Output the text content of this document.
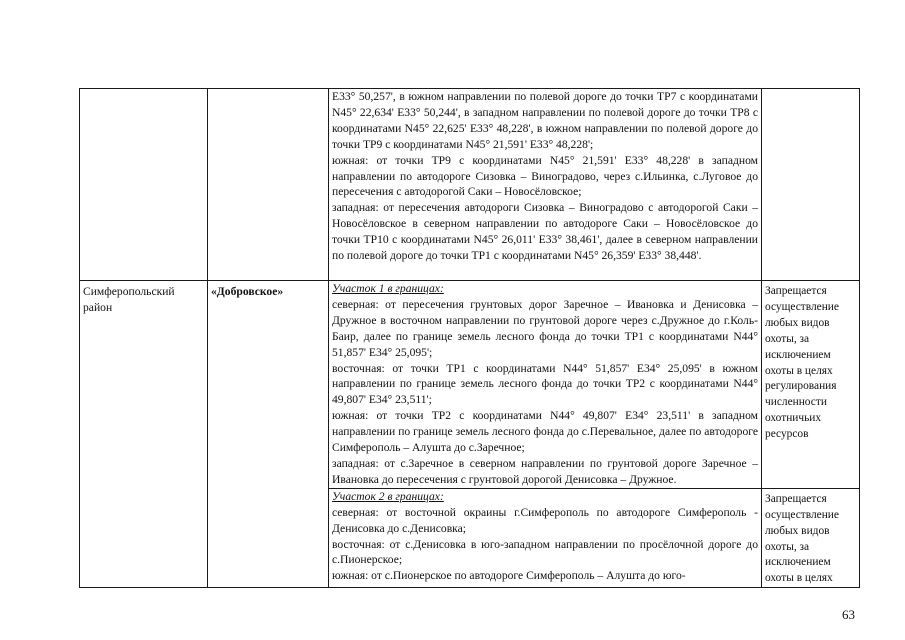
		E33° 50,257', в южном направлении по полевой дороге до точки ТР7 с координатами N45° 22,634' E33° 50,244', в западном направлении по полевой дороге до точки ТР8 с координатами N45° 22,625' E33° 48,228', в южном направлении по полевой дороге до точки ТР9 с координатами N45° 21,591' E33° 48,228';
южная: от точки ТР9 с координатами N45° 21,591' E33° 48,228' в западном направлении по автодороге Сизовка – Виноградово, через с.Ильинка, с.Луговое до пересечения с автодорогой Саки – Новосёловское;
западная: от пересечения автодороги Сизовка – Виноградово с автодорогой Саки – Новосёловское в северном направлении по автодороге Саки – Новосёловское до точки ТР10 с координатами N45° 26,011' E33° 38,461', далее в северном направлении по полевой дороге до точки ТР1 с координатами N45° 26,359' E33° 38,448'.	

Симферопольский район	«Добровское»	Участок 1 в границах:
северная: от пересечения грунтовых дорог Заречное – Ивановка и Денисовка – Дружное в восточном направлении по грунтовой дороге через с.Дружное до г.Коль-Баир, далее по границе земель лесного фонда до точки ТР1 с координатами N44° 51,857' E34° 25,095';
восточная: от точки ТР1 с координатами N44° 51,857' E34° 25,095' в южном направлении по границе земель лесного фонда до точки ТР2 с координатами N44° 49,807' E34° 23,511';
южная: от точки ТР2 с координатами N44° 49,807' E34° 23,511' в западном направлении по границе земель лесного фонда до с.Перевальное, далее по автодороге Симферополь – Алушта до с.Заречное;
западная: от с.Заречное в северном направлении по грунтовой дороге Заречное – Ивановка до пересечения с грунтовой дорогой Денисовка – Дружное.	Запрещается осуществление любых видов охоты, за исключением охоты в целях регулирования численности охотничьих ресурсов

		Участок 2 в границах:
северная: от восточной окраины г.Симферополь по автодороге Симферополь - Денисовка до с.Денисовка;
восточная: от с.Денисовка в юго-западном направлении по просёлочной дороге до с.Пионерское;
южная: от с.Пионерское по автодороге Симферополь – Алушта до юго-	Запрещается осуществление любых видов охоты, за исключением охоты в целях
63
